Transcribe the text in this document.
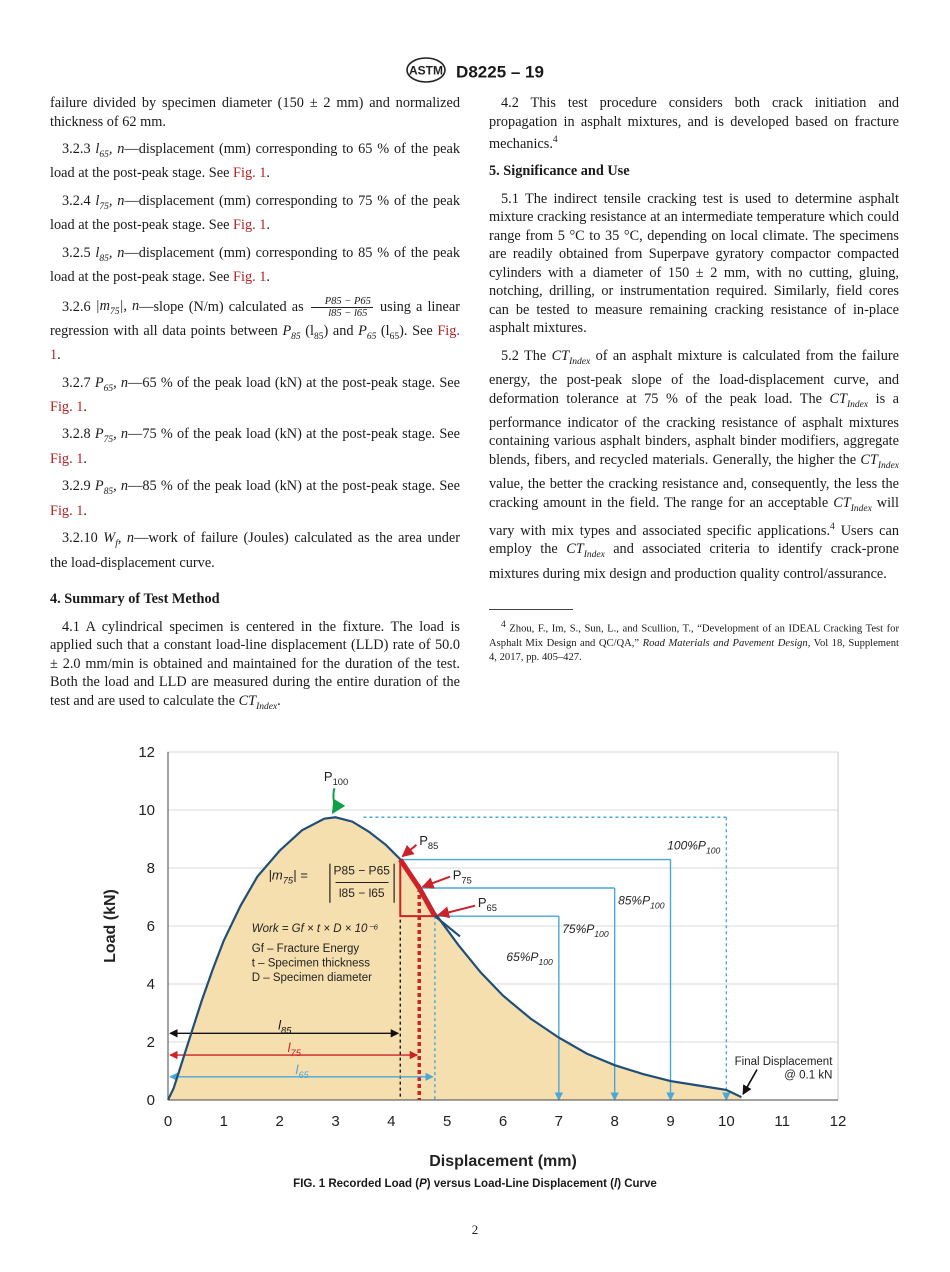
ASTM D8225 – 19

failure divided by specimen diameter (150 ± 2 mm) and normalized thickness of 62 mm.

3.2.3 $l_{65}$, n—displacement (mm) corresponding to 65 % of the peak load at the post-peak stage. See Fig. 1.

3.2.4 $l_{75}$, n—displacement (mm) corresponding to 75 % of the peak load at the post-peak stage. See Fig. 1.

3.2.5 $l_{85}$, n—displacement (mm) corresponding to 85 % of the peak load at the post-peak stage. See Fig. 1.

3.2.6 $|m_{75}|$, n—slope (N/m) calculated as $\frac{P85 - P65}{l85 - l65}$ using a linear regression with all data points between $P_{85}$ $(l_{85})$ and $P_{65}$ $(l_{65})$. See Fig. 1.

3.2.7 $P_{65}$, n—65 % of the peak load (kN) at the post-peak stage. See Fig. 1.

3.2.8 $P_{75}$, n—75 % of the peak load (kN) at the post-peak stage. See Fig. 1.

3.2.9 $P_{85}$, n—85 % of the peak load (kN) at the post-peak stage. See Fig. 1.

3.2.10 $W_f$, n—work of failure (Joules) calculated as the area under the load-displacement curve.

4. Summary of Test Method

4.1 A cylindrical specimen is centered in the fixture. The load is applied such that a constant load-line displacement (LLD) rate of 50.0 ± 2.0 mm/min is obtained and maintained for the duration of the test. Both the load and LLD are measured during the entire duration of the test and are used to calculate the $CT_{Index}$.

4.2 This test procedure considers both crack initiation and propagation in asphalt mixtures, and is developed based on fracture mechanics.$^4$

5. Significance and Use

5.1 The indirect tensile cracking test is used to determine asphalt mixture cracking resistance at an intermediate temperature which could range from 5 °C to 35 °C, depending on local climate. The specimens are readily obtained from Superpave gyratory compactor compacted cylinders with a diameter of 150 ± 2 mm, with no cutting, gluing, notching, drilling, or instrumentation required. Similarly, field cores can be tested to measure remaining cracking resistance of in-place asphalt mixtures.

5.2 The $CT_{Index}$ of an asphalt mixture is calculated from the failure energy, the post-peak slope of the load-displacement curve, and deformation tolerance at 75 % of the peak load. The $CT_{Index}$ is a performance indicator of the cracking resistance of asphalt mixtures containing various asphalt binders, asphalt binder modifiers, aggregate blends, fibers, and recycled materials. Generally, the higher the $CT_{Index}$ value, the better the cracking resistance and, consequently, the less the cracking amount in the field. The range for an acceptable $CT_{Index}$ will vary with mix types and associated specific applications.$^4$ Users can employ the $CT_{Index}$ and associated criteria to identify crack-prone mixtures during mix design and production quality control/assurance.

$^4$ Zhou, F., Im, S., Sun, L., and Scullion, T., “Development of an IDEAL Cracking Test for Asphalt Mix Design and QC/QA,” Road Materials and Pavement Design, Vol 18, Supplement 4, 2017, pp. 405–427.

0	1	2	3	4	5	6	7	8	9	10	11	12
0
2
4
6
8
10
12
Displacement (mm)
Load (kN)
$100\%P_{100}$
$85\%P_{100}$
$75\%P_{100}$
$65\%P_{100}$
$l_{85}$
$l_{75}$
$l_{65}$
$P_{100}$
$P_{85}$
$P_{75}$
$P_{65}$
$|m_{75}| = P85 - P65$
l85 − l65
Work = Gf × t × D × 10⁻⁶
Gf – Fracture Energy
t – Specimen thickness
D – Specimen diameter
Final Displacement
@ 0.1 kN
FIG. 1 Recorded Load (P) versus Load-Line Displacement (l) Curve
2
